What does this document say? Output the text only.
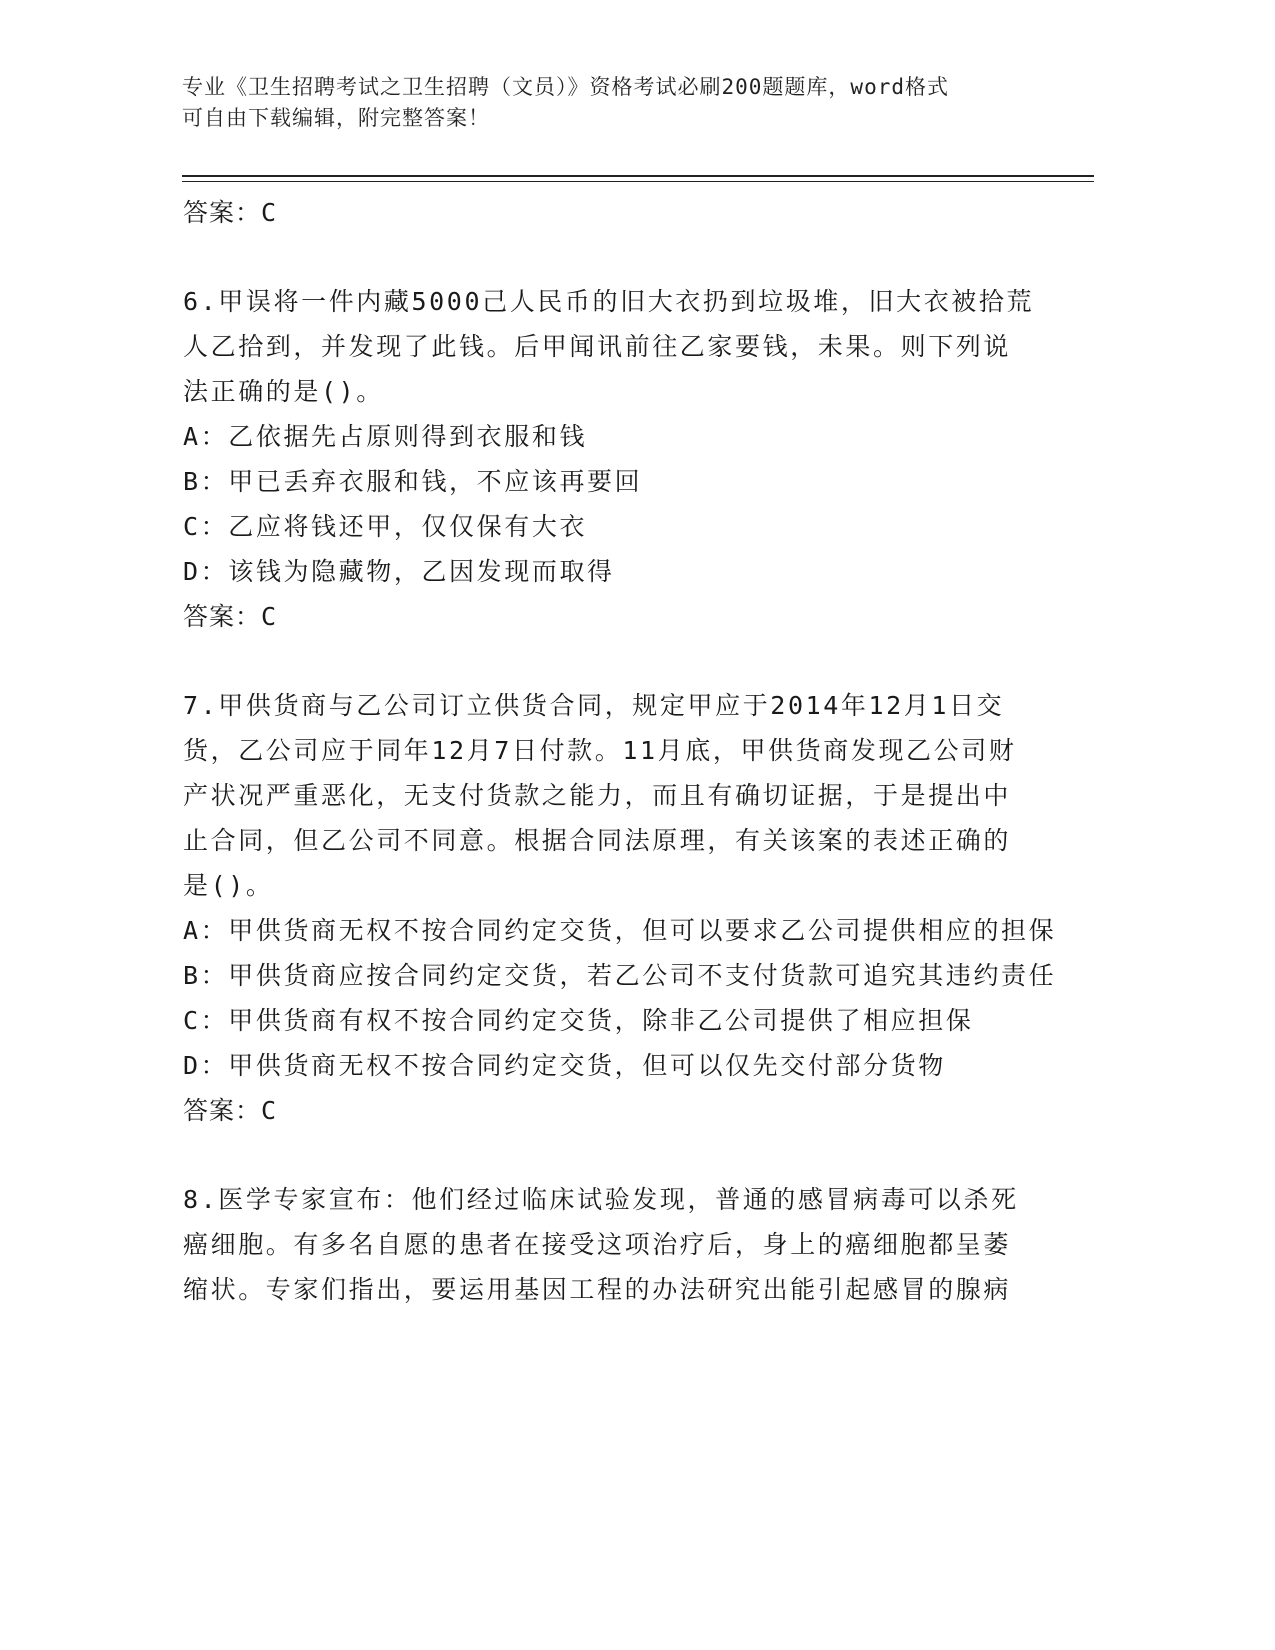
专业《卫生招聘考试之卫生招聘（文员）》资格考试必刷200题题库，word格式
可自由下载编辑，附完整答案！
答案：C
6.甲误将一件内藏5000己人民币的旧大衣扔到垃圾堆，旧大衣被拾荒
人乙拾到，并发现了此钱。后甲闻讯前往乙家要钱，未果。则下列说
法正确的是()。
A：乙依据先占原则得到衣服和钱
B：甲已丢弃衣服和钱，不应该再要回
C：乙应将钱还甲，仅仅保有大衣
D：该钱为隐藏物，乙因发现而取得
答案：C
7.甲供货商与乙公司订立供货合同，规定甲应于2014年12月1日交
货，乙公司应于同年12月7日付款。11月底，甲供货商发现乙公司财
产状况严重恶化，无支付货款之能力，而且有确切证据，于是提出中
止合同，但乙公司不同意。根据合同法原理，有关该案的表述正确的
是()。
A：甲供货商无权不按合同约定交货，但可以要求乙公司提供相应的担保
B：甲供货商应按合同约定交货，若乙公司不支付货款可追究其违约责任
C：甲供货商有权不按合同约定交货，除非乙公司提供了相应担保
D：甲供货商无权不按合同约定交货，但可以仅先交付部分货物
答案：C
8.医学专家宣布：他们经过临床试验发现，普通的感冒病毒可以杀死
癌细胞。有多名自愿的患者在接受这项治疗后，身上的癌细胞都呈萎
缩状。专家们指出，要运用基因工程的办法研究出能引起感冒的腺病
